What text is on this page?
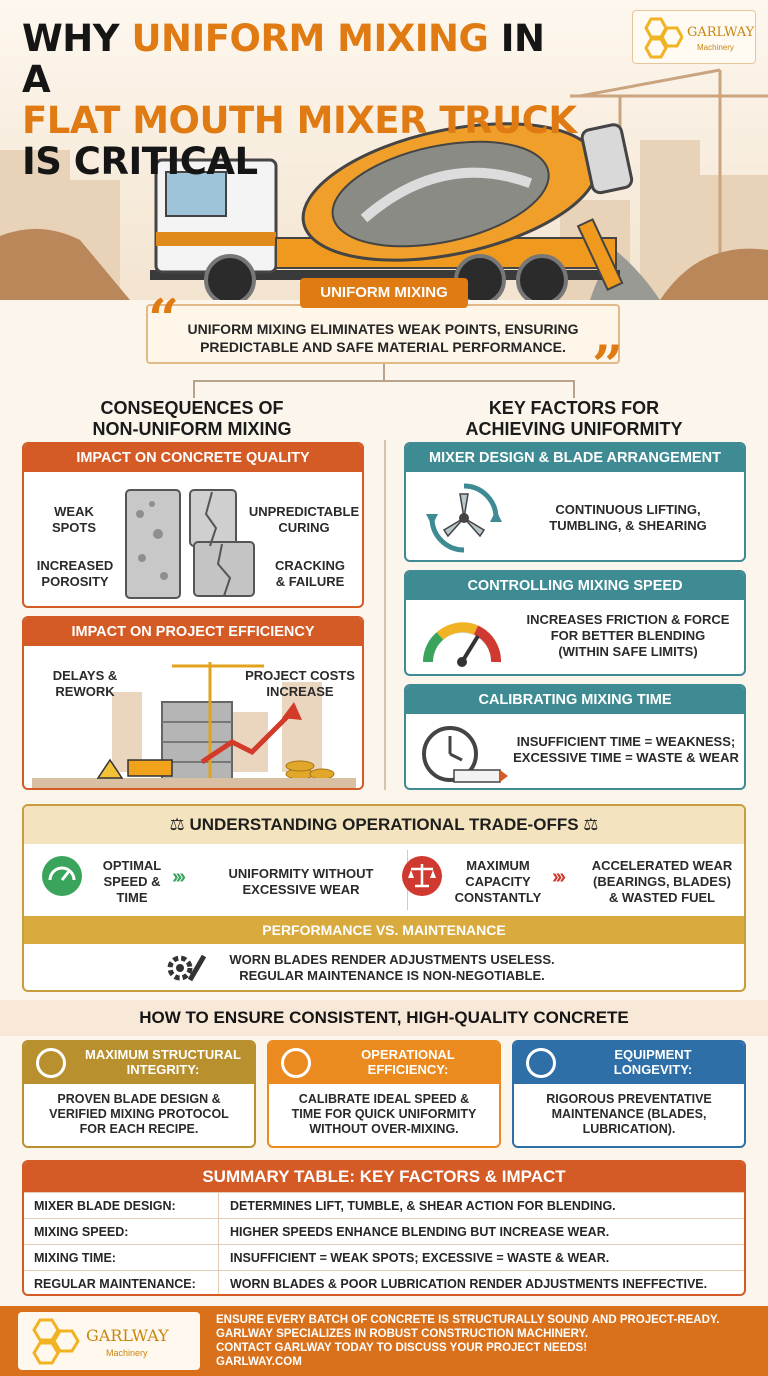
WHY UNIFORM MIXING IN A
FLAT MOUTH MIXER TRUCK
IS CRITICAL
GARLWAY
Machinery
UNIFORM MIXING ELIMINATES WEAK POINTS, ENSURING
PREDICTABLE AND SAFE MATERIAL PERFORMANCE.
UNIFORM MIXING
“
”
CONSEQUENCES OF
NON-UNIFORM MIXING
IMPACT ON CONCRETE QUALITY
WEAK
SPOTS
INCREASED
POROSITY
UNPREDICTABLE
CURING
CRACKING
& FAILURE
IMPACT ON PROJECT EFFICIENCY
DELAYS &
REWORK
PROJECT COSTS
INCREASE
KEY FACTORS FOR
ACHIEVING UNIFORMITY
MIXER DESIGN & BLADE ARRANGEMENT
CONTINUOUS LIFTING,
TUMBLING, & SHEARING
CONTROLLING MIXING SPEED
INCREASES FRICTION & FORCE
FOR BETTER BLENDING
(WITHIN SAFE LIMITS)
CALIBRATING MIXING TIME
INSUFFICIENT TIME = WEAKNESS;
EXCESSIVE TIME = WASTE & WEAR
⚖ UNDERSTANDING OPERATIONAL TRADE-OFFS ⚖
OPTIMAL
SPEED &
TIME
›››	UNIFORMITY WITHOUT
EXCESSIVE WEAR
MAXIMUM
CAPACITY
CONSTANTLY
›››
ACCELERATED WEAR
(BEARINGS, BLADES)
& WASTED FUEL
PERFORMANCE VS. MAINTENANCE
WORN BLADES RENDER ADJUSTMENTS USELESS.
REGULAR MAINTENANCE IS NON-NEGOTIABLE.
HOW TO ENSURE CONSISTENT, HIGH-QUALITY CONCRETE
MAXIMUM STRUCTURAL
INTEGRITY:
PROVEN BLADE DESIGN &
VERIFIED MIXING PROTOCOL
FOR EACH RECIPE.
OPERATIONAL
EFFICIENCY:
CALIBRATE IDEAL SPEED &
TIME FOR QUICK UNIFORMITY
WITHOUT OVER-MIXING.
EQUIPMENT
LONGEVITY:
RIGOROUS PREVENTATIVE
MAINTENANCE (BLADES,
LUBRICATION).
SUMMARY TABLE: KEY FACTORS & IMPACT
MIXER BLADE DESIGN:	DETERMINES LIFT, TUMBLE, & SHEAR ACTION FOR BLENDING.
MIXING SPEED:	HIGHER SPEEDS ENHANCE BLENDING BUT INCREASE WEAR.
MIXING TIME:	INSUFFICIENT = WEAK SPOTS; EXCESSIVE = WASTE & WEAR.
REGULAR MAINTENANCE:	WORN BLADES & POOR LUBRICATION RENDER ADJUSTMENTS INEFFECTIVE.
GARLWAY
Machinery
ENSURE EVERY BATCH OF CONCRETE IS STRUCTURALLY SOUND AND PROJECT-READY.
GARLWAY SPECIALIZES IN ROBUST CONSTRUCTION MACHINERY.
CONTACT GARLWAY TODAY TO DISCUSS YOUR PROJECT NEEDS!
GARLWAY.COM
